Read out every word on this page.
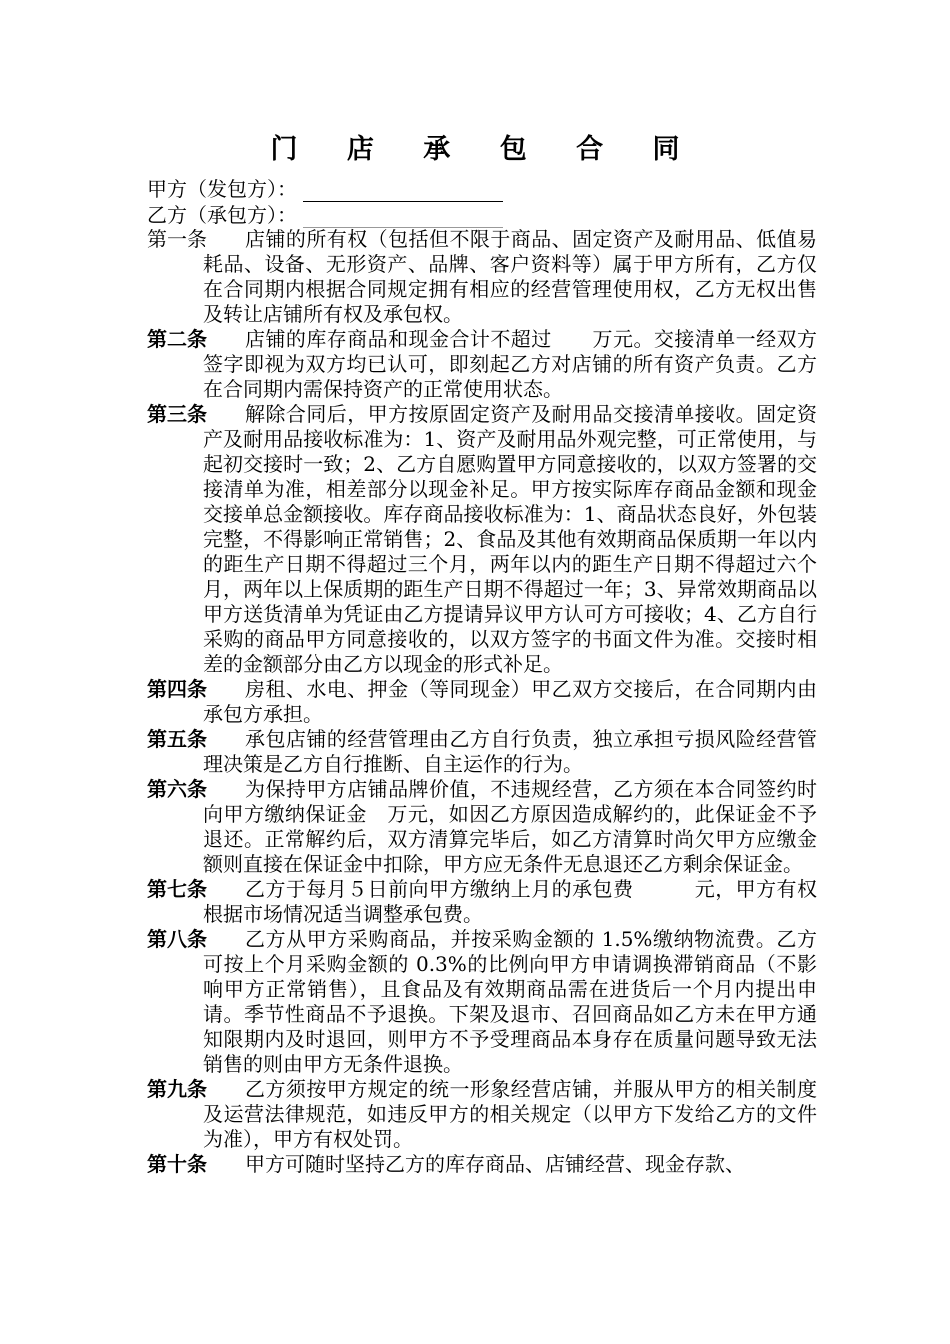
门 店 承 包 合 同
甲方（发包方）：
乙方（承包方）：
第一条	店铺的所有权（包括但不限于商品、固定资产及耐用品、低值易耗品、设备、无形资产、品牌、客户资料等）属于甲方所有，乙方仅在合同期内根据合同规定拥有相应的经营管理使用权，乙方无权出售及转让店铺所有权及承包权。
第二条	店铺的库存商品和现金合计不超过　　万元。交接清单一经双方签字即视为双方均已认可，即刻起乙方对店铺的所有资产负责。乙方在合同期内需保持资产的正常使用状态。
第三条	解除合同后，甲方按原固定资产及耐用品交接清单接收。固定资产及耐用品接收标准为：1、资产及耐用品外观完整，可正常使用，与起初交接时一致；2、乙方自愿购置甲方同意接收的，以双方签署的交接清单为准，相差部分以现金补足。甲方按实际库存商品金额和现金交接单总金额接收。库存商品接收标准为：1、商品状态良好，外包装完整，不得影响正常销售；2、食品及其他有效期商品保质期一年以内的距生产日期不得超过三个月，两年以内的距生产日期不得超过六个月，两年以上保质期的距生产日期不得超过一年；3、异常效期商品以甲方送货清单为凭证由乙方提请异议甲方认可方可接收；4、乙方自行采购的商品甲方同意接收的，以双方签字的书面文件为准。交接时相差的金额部分由乙方以现金的形式补足。
第四条	房租、水电、押金（等同现金）甲乙双方交接后，在合同期内由承包方承担。
第五条	承包店铺的经营管理由乙方自行负责，独立承担亏损风险经营管理决策是乙方自行推断、自主运作的行为。
第六条	为保持甲方店铺品牌价值，不违规经营，乙方须在本合同签约时向甲方缴纳保证金　万元，如因乙方原因造成解约的，此保证金不予退还。正常解约后，双方清算完毕后，如乙方清算时尚欠甲方应缴金额则直接在保证金中扣除，甲方应无条件无息退还乙方剩余保证金。
第七条	乙方于每月５日前向甲方缴纳上月的承包费　　　元，甲方有权根据市场情况适当调整承包费。
第八条	乙方从甲方采购商品，并按采购金额的 1.5%缴纳物流费。乙方可按上个月采购金额的 0.3%的比例向甲方申请调换滞销商品（不影响甲方正常销售），且食品及有效期商品需在进货后一个月内提出申请。季节性商品不予退换。下架及退市、召回商品如乙方未在甲方通知限期内及时退回，则甲方不予受理商品本身存在质量问题导致无法销售的则由甲方无条件退换。
第九条	乙方须按甲方规定的统一形象经营店铺，并服从甲方的相关制度及运营法律规范，如违反甲方的相关规定（以甲方下发给乙方的文件为准），甲方有权处罚。
第十条	甲方可随时坚持乙方的库存商品、店铺经营、现金存款、
